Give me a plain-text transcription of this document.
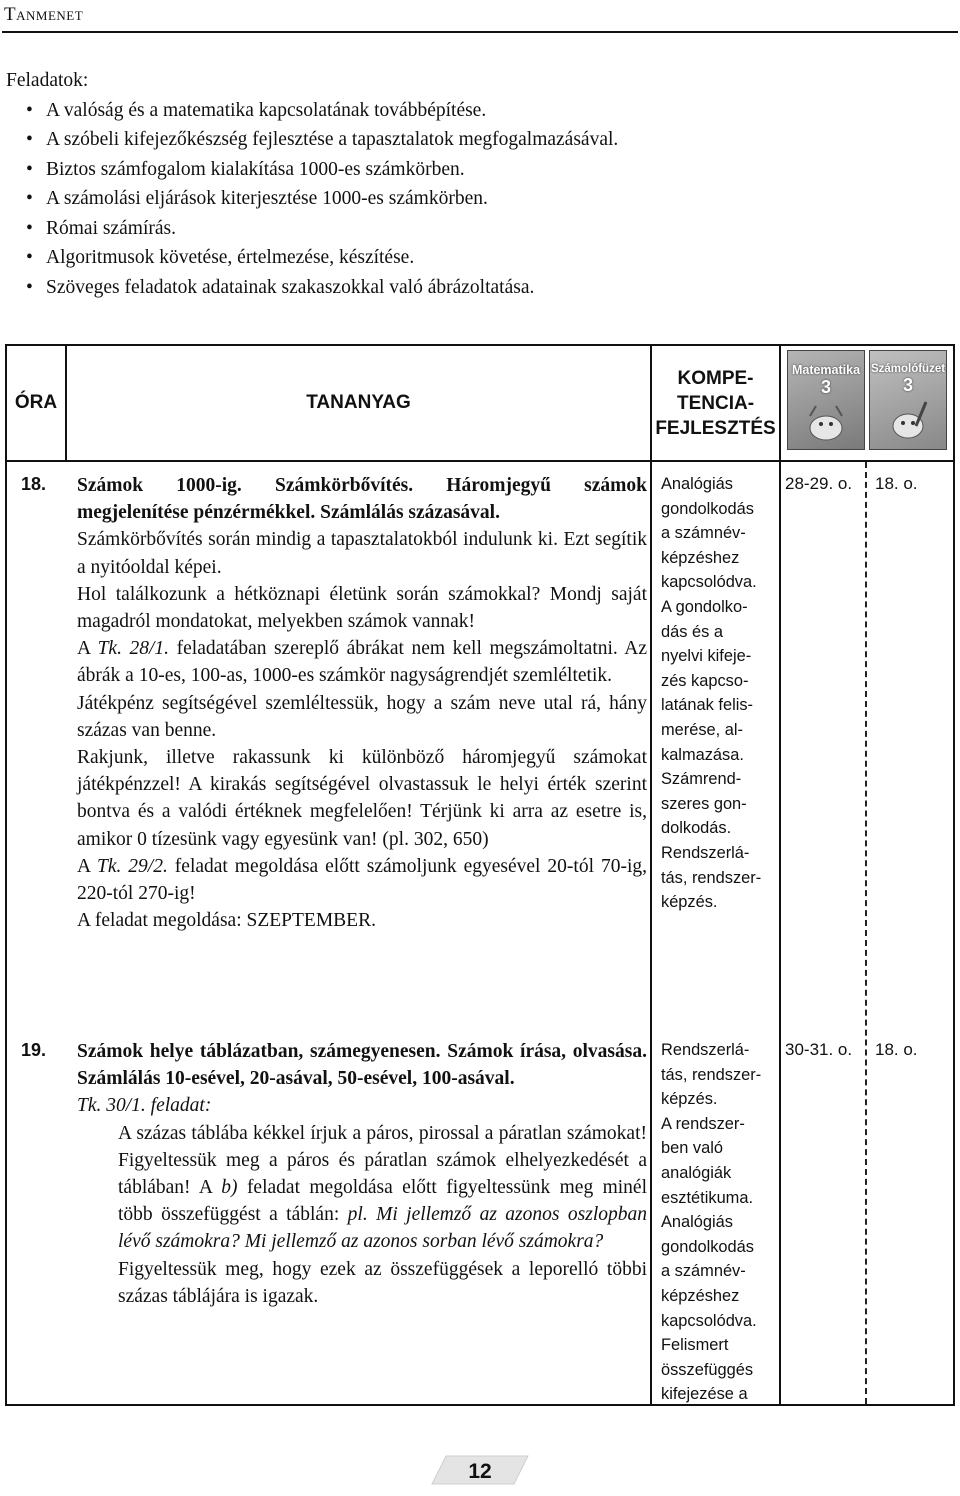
Tanmenet
Feladatok:
• A valóság és a matematika kapcsolatának továbbépítése.
• A szóbeli kifejezőkészség fejlesztése a tapasztalatok megfogalmazásával.
• Biztos számfogalom kialakítása 1000-es számkörben.
• A számolási eljárások kiterjesztése 1000-es számkörben.
• Római számírás.
• Algoritmusok követése, értelmezése, készítése.
• Szöveges feladatok adatainak szakaszokkal való ábrázoltatása.
ÓRA	TANANYAG
KOMPE-
TENCIA-
FEJLESZTÉS
Matematika
3
Számolófüzet
3
18. Számok 1000-ig. Számkörbővítés. Háromjegyű számok megjelenítése pénzérmékkel. Számlálás százasával.

Számkörbővítés során mindig a tapasztalatokból indulunk ki. Ezt segítik a nyitóoldal képei.

Hol találkozunk a hétköznapi életünk során számokkal? Mondj saját magadról mondatokat, melyekben számok vannak!

A Tk. 28/1. feladatában szereplő ábrákat nem kell megszámoltatni. Az ábrák a 10-es, 100-as, 1000-es számkör nagyságrendjét szemléltetik.

Játékpénz segítségével szemléltessük, hogy a szám neve utal rá, hány százas van benne.

Rakjunk, illetve rakassunk ki különböző háromjegyű számokat játékpénzzel! A kirakás segítségével olvastassuk le helyi érték szerint bontva és a valódi értéknek megfelelően! Térjünk ki arra az esetre is, amikor 0 tízesünk vagy egyesünk van! (pl. 302, 650)

A Tk. 29/2. feladat megoldása előtt számoljunk egyesével 20-tól 70-ig, 220-tól 270-ig!

A feladat megoldása: SZEPTEMBER.

Analógiás

gondolkodás

a számnév-

képzéshez

kapcsolódva.

A gondolko-

dás és a

nyelvi kifeje-

zés kapcso-

latának felis-

merése, al-

kalmazása.

Számrend-

szeres gon-

dolkodás.

Rendszerlá-

tás, rendszer-

képzés.

28-29. o. 18. o.
19. Számok helye táblázatban, számegyenesen. Számok írása, olvasása. Számlálás 10-esével, 20-asával, 50-esével, 100-asával.

Tk. 30/1. feladat:

A százas táblába kékkel írjuk a páros, pirossal a páratlan számokat! Figyeltessük meg a páros és páratlan számok elhelyezkedését a táblában! A b) feladat megoldása előtt figyeltessünk meg minél több összefüggést a táblán: pl. Mi jellemző az azonos oszlopban lévő számokra? Mi jellemző az azonos sorban lévő számokra?

Figyeltessük meg, hogy ezek az összefüggések a leporelló többi százas táblájára is igazak.

Rendszerlá-

tás, rendszer-

képzés.

A rendszer-

ben való

analógiák

esztétikuma.

Analógiás

gondolkodás

a számnév-

képzéshez

kapcsolódva.

Felismert

összefüggés

kifejezése a

30-31. o. 18. o.
12
